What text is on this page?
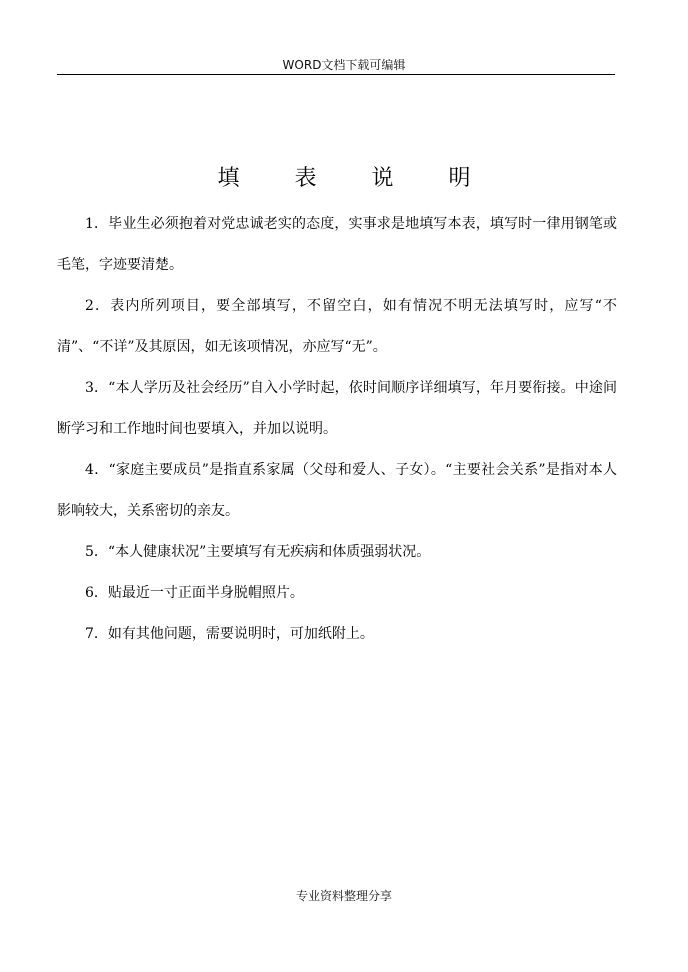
WORD文档下载可编辑
填 表 说 明

1．毕业生必须抱着对党忠诚老实的态度，实事求是地填写本表，填写时一律用钢笔或毛笔，字迹要清楚。

2．表内所列项目，要全部填写，不留空白，如有情况不明无法填写时，应写“不清”、“不详”及其原因，如无该项情况，亦应写“无”。

3．“本人学历及社会经历”自入小学时起，依时间顺序详细填写，年月要衔接。中途间断学习和工作地时间也要填入，并加以说明。

4．“家庭主要成员”是指直系家属（父母和爱人、子女）。“主要社会关系”是指对本人影响较大，关系密切的亲友。

5．“本人健康状况”主要填写有无疾病和体质强弱状况。

6．贴最近一寸正面半身脱帽照片。

7．如有其他问题，需要说明时，可加纸附上。

专业资料整理分享
